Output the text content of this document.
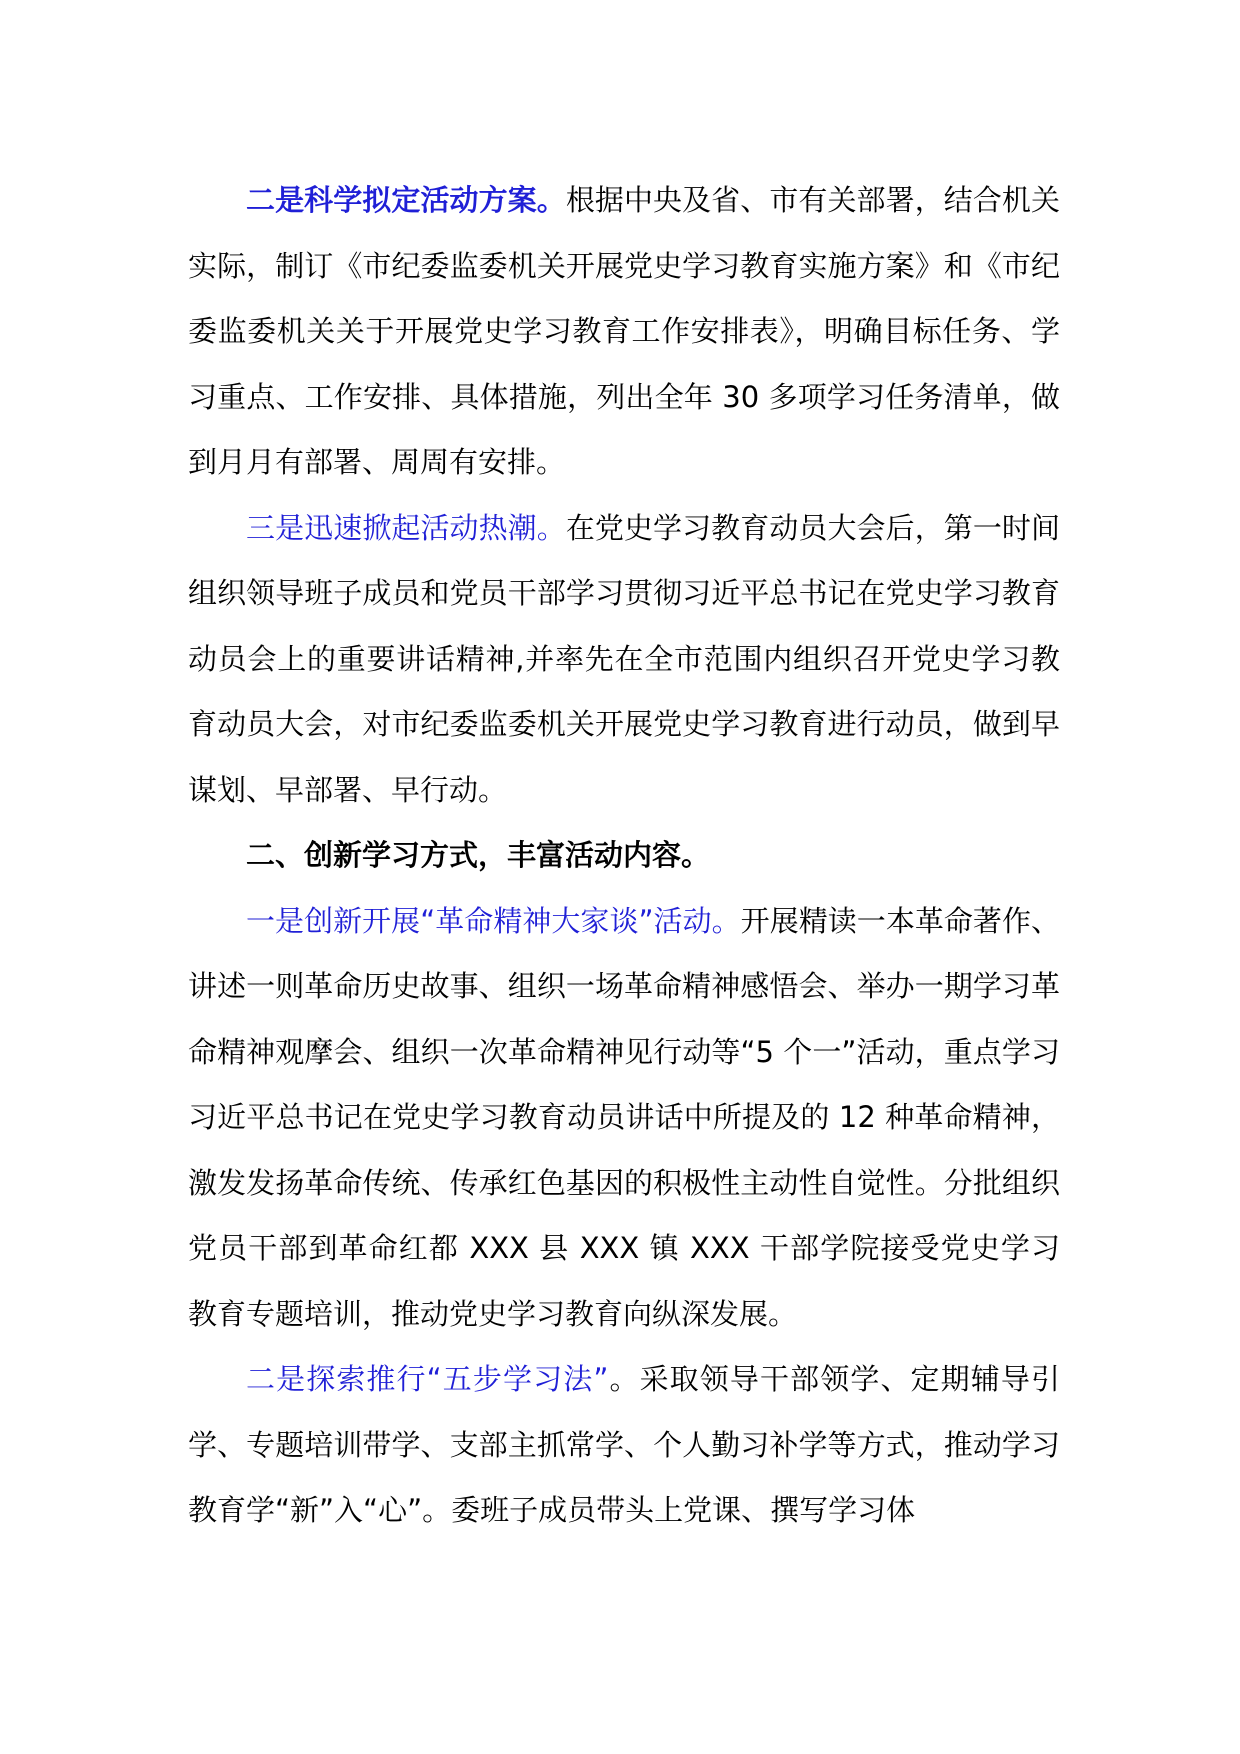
二是科学拟定活动方案。根据中央及省、市有关部署，结合机关实际，制订《市纪委监委机关开展党史学习教育实施方案》和《市纪委监委机关关于开展党史学习教育工作安排表》，明确目标任务、学习重点、工作安排、具体措施，列出全年 30 多项学习任务清单，做到月月有部署、周周有安排。

三是迅速掀起活动热潮。在党史学习教育动员大会后，第一时间组织领导班子成员和党员干部学习贯彻习近平总书记在党史学习教育动员会上的重要讲话精神,并率先在全市范围内组织召开党史学习教育动员大会，对市纪委监委机关开展党史学习教育进行动员，做到早谋划、早部署、早行动。

二、创新学习方式，丰富活动内容。

一是创新开展“革命精神大家谈”活动。开展精读一本革命著作、讲述一则革命历史故事、组织一场革命精神感悟会、举办一期学习革命精神观摩会、组织一次革命精神见行动等“5 个一”活动，重点学习习近平总书记在党史学习教育动员讲话中所提及的 12 种革命精神，激发发扬革命传统、传承红色基因的积极性主动性自觉性。分批组织党员干部到革命红都 XXX 县 XXX 镇 XXX 干部学院接受党史学习教育专题培训，推动党史学习教育向纵深发展。

二是探索推行“五步学习法”。采取领导干部领学、定期辅导引学、专题培训带学、支部主抓常学、个人勤习补学等方式，推动学习教育学“新”入“心”。委班子成员带头上党课、撰写学习体
